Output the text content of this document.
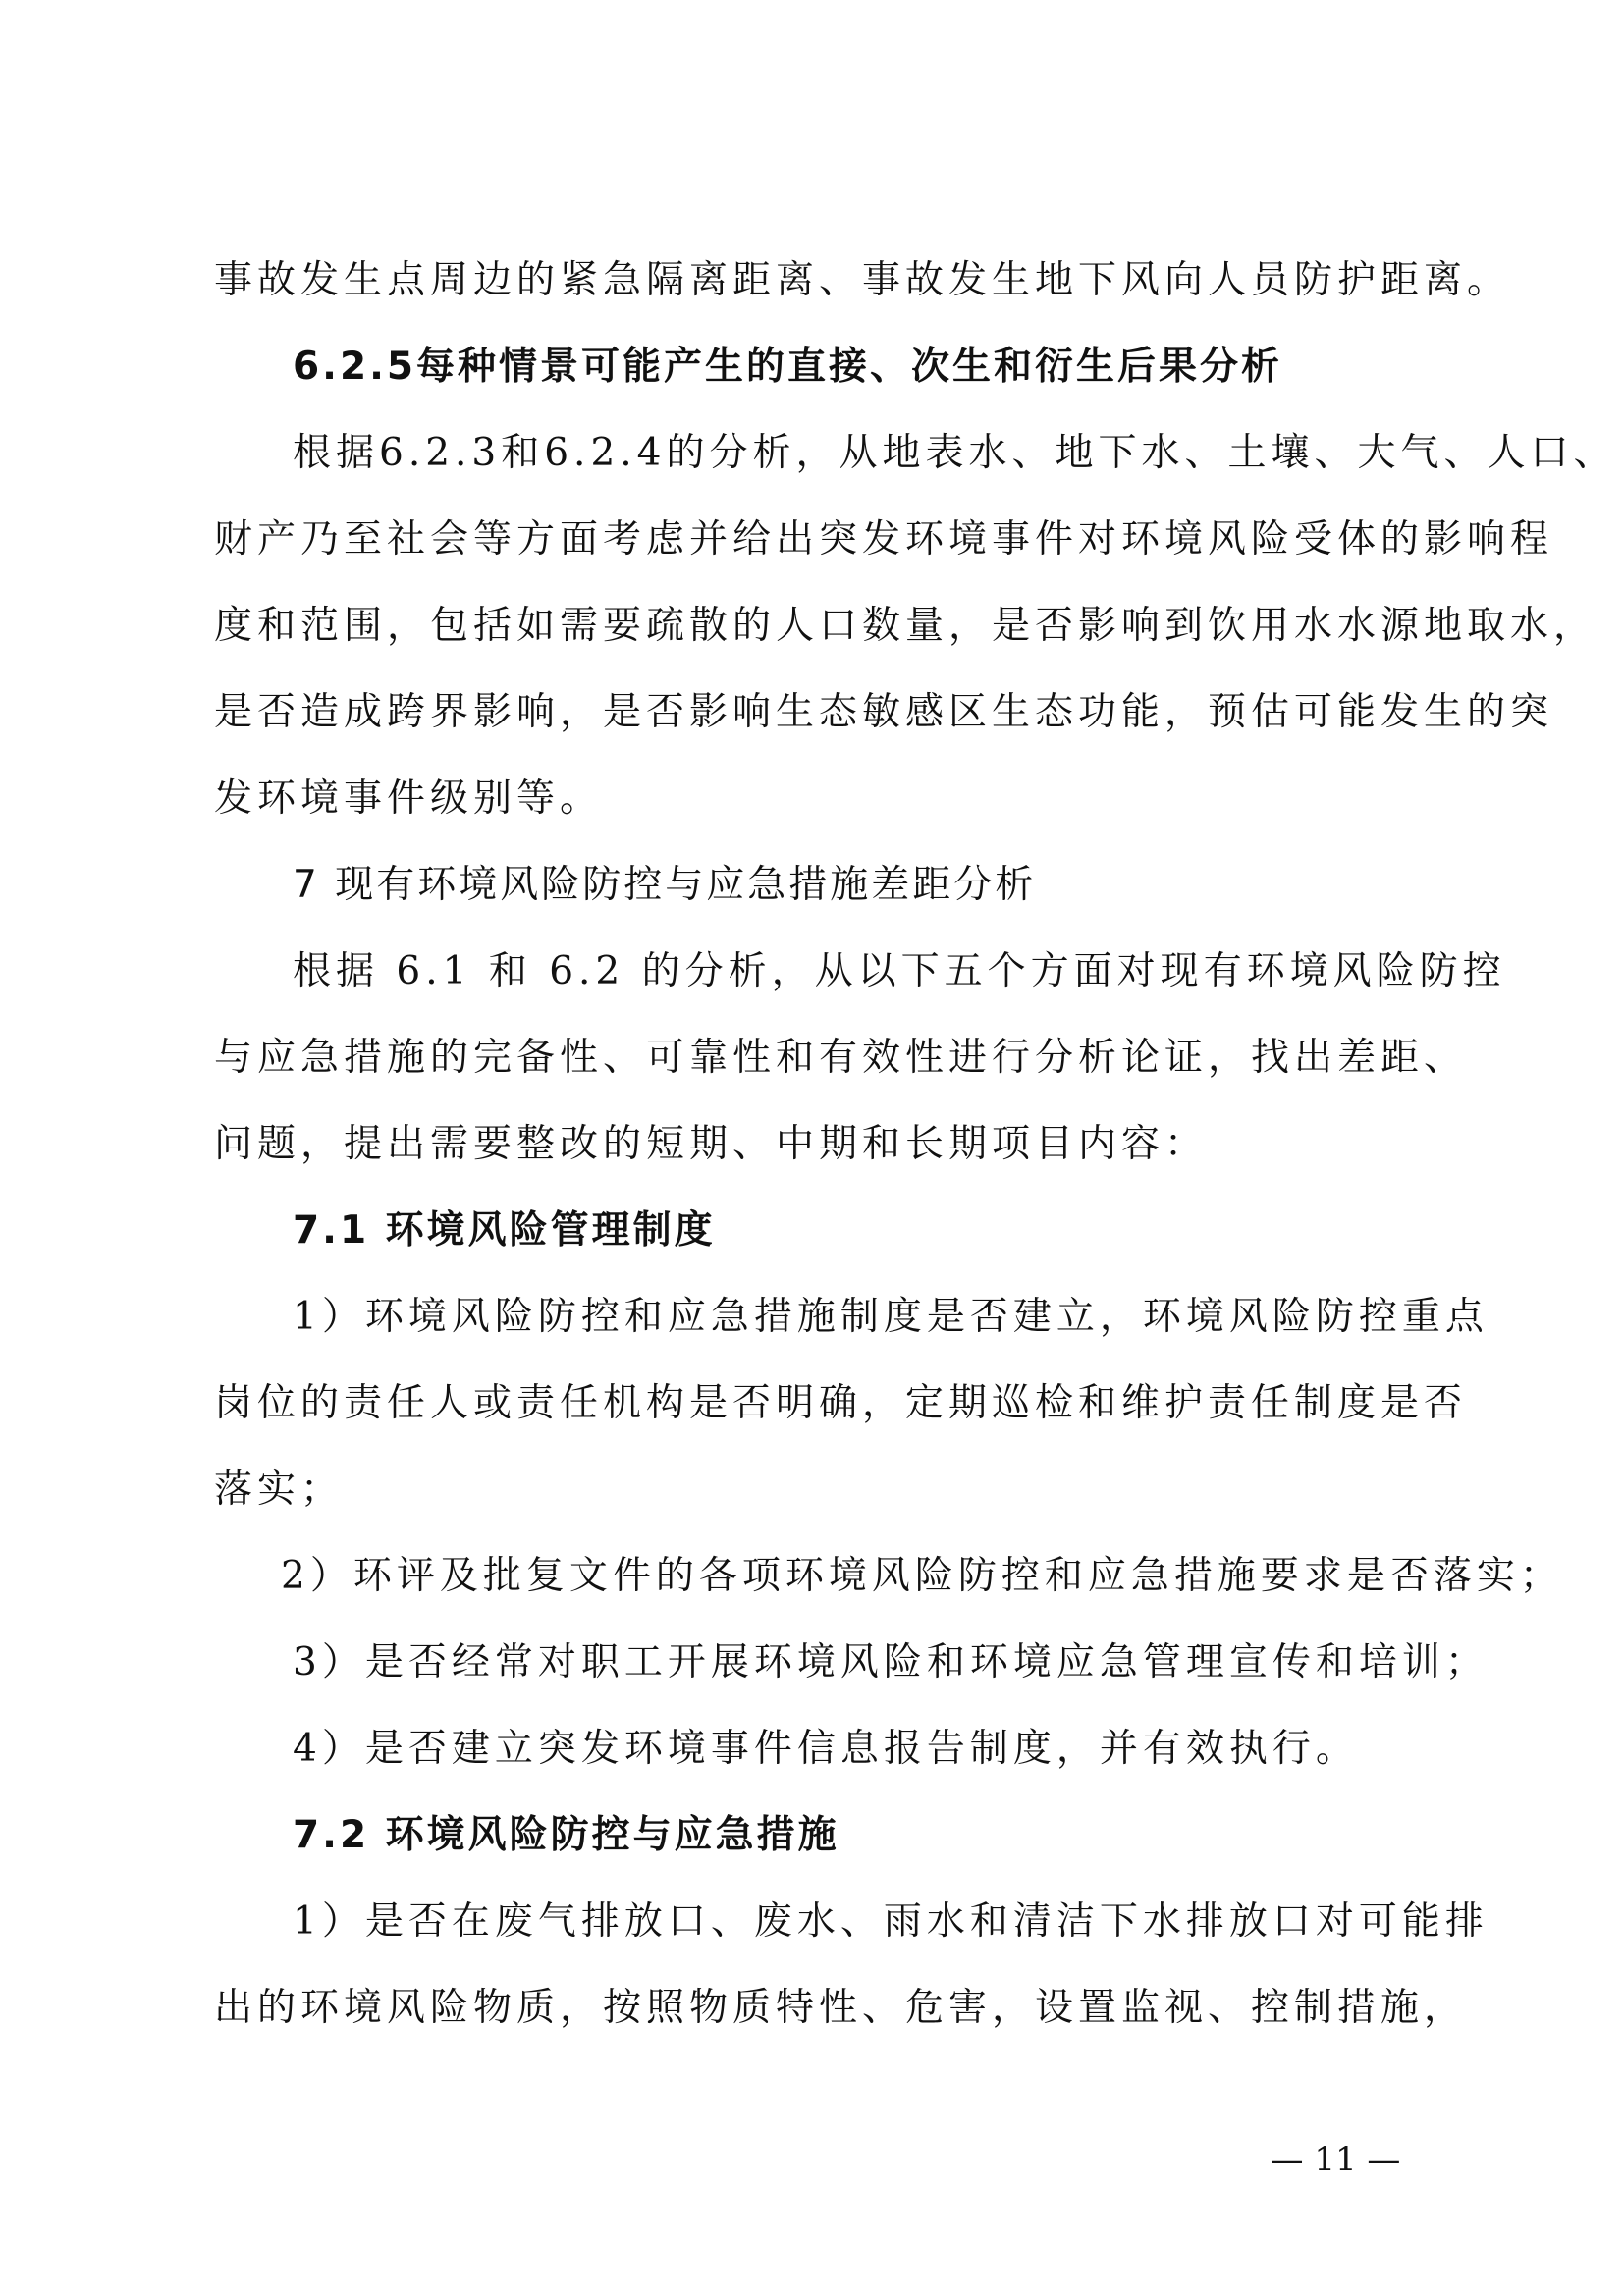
事故发生点周边的紧急隔离距离、事故发生地下风向人员防护距离。
6.2.5每种情景可能产生的直接、次生和衍生后果分析
根据6.2.3和6.2.4的分析，从地表水、地下水、土壤、大气、人口、
财产乃至社会等方面考虑并给出突发环境事件对环境风险受体的影响程
度和范围，包括如需要疏散的人口数量，是否影响到饮用水水源地取水，
是否造成跨界影响，是否影响生态敏感区生态功能，预估可能发生的突
发环境事件级别等。
7 现有环境风险防控与应急措施差距分析
根据 6.1 和 6.2 的分析，从以下五个方面对现有环境风险防控
与应急措施的完备性、可靠性和有效性进行分析论证，找出差距、
问题，提出需要整改的短期、中期和长期项目内容：
7.1 环境风险管理制度
1）环境风险防控和应急措施制度是否建立，环境风险防控重点
岗位的责任人或责任机构是否明确，定期巡检和维护责任制度是否
落实；
2）环评及批复文件的各项环境风险防控和应急措施要求是否落实；
3）是否经常对职工开展环境风险和环境应急管理宣传和培训；
4）是否建立突发环境事件信息报告制度，并有效执行。
7.2 环境风险防控与应急措施
1）是否在废气排放口、废水、雨水和清洁下水排放口对可能排
出的环境风险物质，按照物质特性、危害，设置监视、控制措施，
— 11 —
